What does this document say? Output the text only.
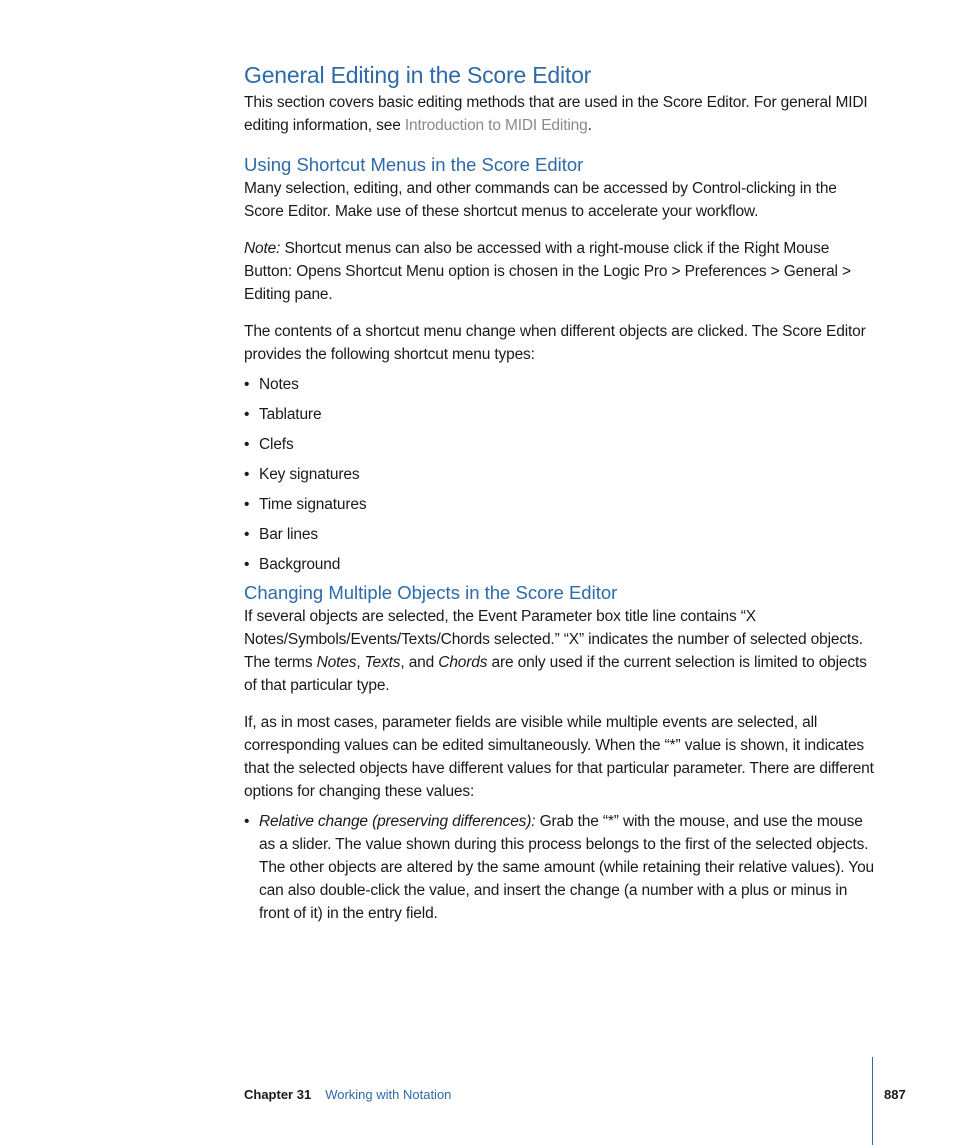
General Editing in the Score Editor

This section covers basic editing methods that are used in the Score Editor. For general MIDI editing information, see Introduction to MIDI Editing.

Using Shortcut Menus in the Score Editor

Many selection, editing, and other commands can be accessed by Control-clicking in the Score Editor. Make use of these shortcut menus to accelerate your workflow.

Note: Shortcut menus can also be accessed with a right-mouse click if the Right Mouse Button: Opens Shortcut Menu option is chosen in the Logic Pro > Preferences > General > Editing pane.

The contents of a shortcut menu change when different objects are clicked. The Score Editor provides the following shortcut menu types:

• Notes
• Tablature
• Clefs
• Key signatures
• Time signatures
• Bar lines
• Background
Changing Multiple Objects in the Score Editor

If several objects are selected, the Event Parameter box title line contains “X Notes/Symbols/Events/Texts/Chords selected.” “X” indicates the number of selected objects. The terms Notes, Texts, and Chords are only used if the current selection is limited to objects of that particular type.

If, as in most cases, parameter fields are visible while multiple events are selected, all corresponding values can be edited simultaneously. When the “*” value is shown, it indicates that the selected objects have different values for that particular parameter. There are different options for changing these values:

• Relative change (preserving differences): Grab the “*” with the mouse, and use the mouse as a slider. The value shown during this process belongs to the first of the selected objects. The other objects are altered by the same amount (while retaining their relative values). You can also double-click the value, and insert the change (a number with a plus or minus in front of it) in the entry field.
Chapter 31 Working with Notation	887
